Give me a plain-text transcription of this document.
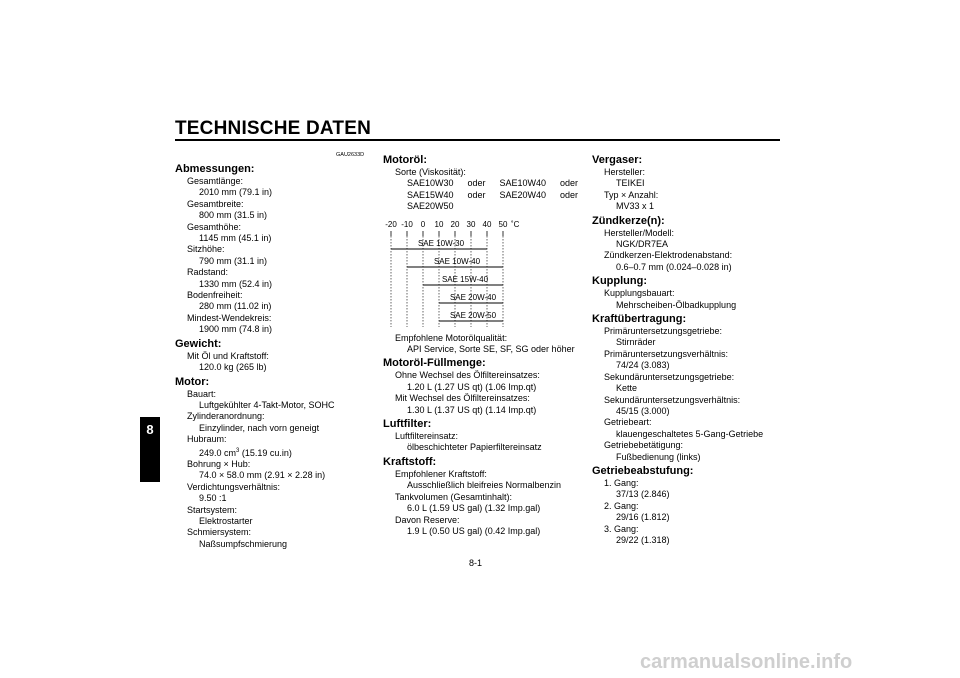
TECHNISCHE DATEN
8
GAU2633D
Abmessungen:
Gesamtlänge:
2010 mm (79.1 in)
Gesamtbreite:
800 mm (31.5 in)
Gesamthöhe:
1145 mm (45.1 in)
Sitzhöhe:
790 mm (31.1 in)
Radstand:
1330 mm (52.4 in)
Bodenfreiheit:
280 mm (11.02 in)
Mindest-Wendekreis:
1900 mm (74.8 in)
Gewicht:
Mit Öl und Kraftstoff:
120.0 kg (265 lb)
Motor:
Bauart:
Luftgekühlter 4-Takt-Motor, SOHC
Zylinderanordnung:
Einzylinder, nach vorn geneigt
Hubraum:
249.0 $cm^3$ (15.19 cu.in)
Bohrung × Hub:
74.0 × 58.0 mm (2.91 × 2.28 in)
Verdichtungsverhältnis:
9.50 :1
Startsystem:
Elektrostarter
Schmiersystem:
Naßsumpfschmierung
Motoröl:
Sorte (Viskosität):
SAE10W30 oder SAE10W40 oder
SAE15W40 oder SAE20W40 oder
SAE20W50
-20 -10 0 10 20 30 40 50 ˚C
SAE 10W-30
SAE 10W-40
SAE 15W-40
SAE 20W-40
SAE 20W-50
Empfohlene Motorölqualität:
API Service, Sorte SE, SF, SG oder höher
Motoröl-Füllmenge:
Ohne Wechsel des Ölfiltereinsatzes:
1.20 L (1.27 US qt) (1.06 Imp.qt)
Mit Wechsel des Ölfiltereinsatzes:
1.30 L (1.37 US qt) (1.14 Imp.qt)
Luftfilter:
Luftfiltereinsatz:
ölbeschichteter Papierfiltereinsatz
Kraftstoff:
Empfohlener Kraftstoff:
Ausschließlich bleifreies Normalbenzin
Tankvolumen (Gesamtinhalt):
6.0 L (1.59 US gal) (1.32 Imp.gal)
Davon Reserve:
1.9 L (0.50 US gal) (0.42 Imp.gal)
Vergaser:
Hersteller:
TEIKEI
Typ × Anzahl:
MV33 x 1
Zündkerze(n):
Hersteller/Modell:
NGK/DR7EA
Zündkerzen-Elektrodenabstand:
0.6–0.7 mm (0.024–0.028 in)
Kupplung:
Kupplungsbauart:
Mehrscheiben-Ölbadkupplung
Kraftübertragung:
Primäruntersetzungsgetriebe:
Stirnräder
Primäruntersetzungsverhältnis:
74/24 (3.083)
Sekundäruntersetzungsgetriebe:
Kette
Sekundäruntersetzungsverhältnis:
45/15 (3.000)
Getriebeart:
klauengeschaltetes 5-Gang-Getriebe
Getriebebetätigung:
Fußbedienung (links)
Getriebeabstufung:
1. Gang:
37/13 (2.846)
2. Gang:
29/16 (1.812)
3. Gang:
29/22 (1.318)
8-1
carmanualsonline.info
